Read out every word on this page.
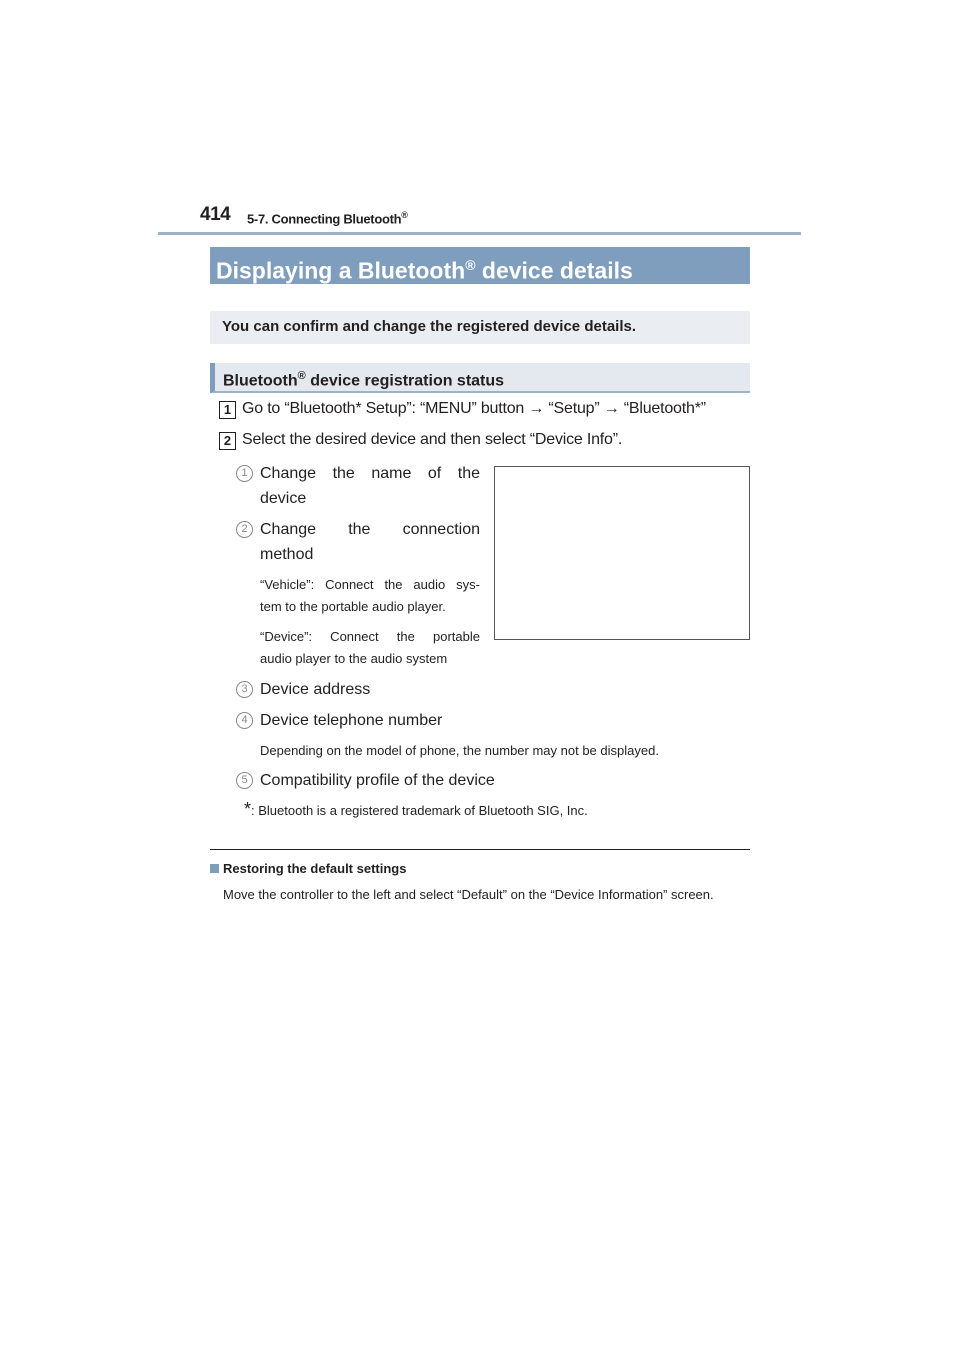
414 5-7. Connecting Bluetooth®
Displaying a Bluetooth® device details
You can confirm and change the registered device details.
Bluetooth® device registration status
1 Go to “Bluetooth* Setup”: “MENU” button → “Setup” → “Bluetooth*”
2 Select the desired device and then select “Device Info”.
1 Change the name of the
device
2 Change the connection
method
“Vehicle”: Connect the audio sys-
tem to the portable audio player.
“Device”: Connect the portable
audio player to the audio system
3 Device address
4 Device telephone number
Depending on the model of phone, the number may not be displayed.
5 Compatibility profile of the device
*: Bluetooth is a registered trademark of Bluetooth SIG, Inc.
Restoring the default settings
Move the controller to the left and select “Default” on the “Device Information” screen.
